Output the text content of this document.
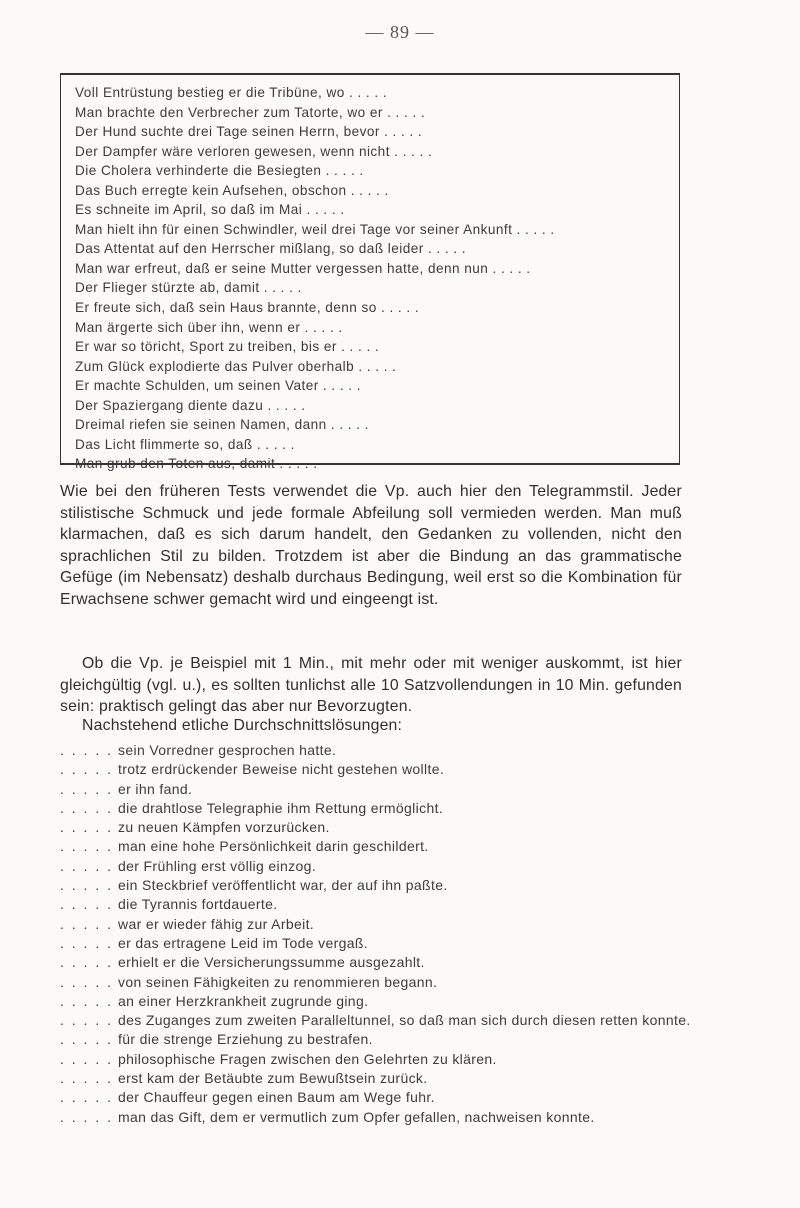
— 89 —
Voll Entrüstung bestieg er die Tribüne, wo . . . . .
Man brachte den Verbrecher zum Tatorte, wo er . . . . .
Der Hund suchte drei Tage seinen Herrn, bevor . . . . .
Der Dampfer wäre verloren gewesen, wenn nicht . . . . .
Die Cholera verhinderte die Besiegten . . . . .
Das Buch erregte kein Aufsehen, obschon . . . . .
Es schneite im April, so daß im Mai . . . . .
Man hielt ihn für einen Schwindler, weil drei Tage vor seiner Ankunft . . . . .
Das Attentat auf den Herrscher mißlang, so daß leider . . . . .
Man war erfreut, daß er seine Mutter vergessen hatte, denn nun . . . . .
Der Flieger stürzte ab, damit . . . . .
Er freute sich, daß sein Haus brannte, denn so . . . . .
Man ärgerte sich über ihn, wenn er . . . . .
Er war so töricht, Sport zu treiben, bis er . . . . .
Zum Glück explodierte das Pulver oberhalb . . . . .
Er machte Schulden, um seinen Vater . . . . .
Der Spaziergang diente dazu . . . . .
Dreimal riefen sie seinen Namen, dann . . . . .
Das Licht flimmerte so, daß . . . . .
Man grub den Toten aus, damit . . . . .
Wie bei den früheren Tests verwendet die Vp. auch hier den Telegrammstil. Jeder stilistische Schmuck und jede formale Abfeilung soll vermieden werden. Man muß klarmachen, daß es sich darum handelt, den Gedanken zu vollenden, nicht den sprachlichen Stil zu bilden. Trotzdem ist aber die Bindung an das grammatische Gefüge (im Nebensatz) deshalb durchaus Bedingung, weil erst so die Kombination für Erwachsene schwer gemacht wird und eingeengt ist.
Ob die Vp. je Beispiel mit 1 Min., mit mehr oder mit weniger auskommt, ist hier gleichgültig (vgl. u.), es sollten tunlichst alle 10 Satzvollendungen in 10 Min. gefunden sein: praktisch gelingt das aber nur Bevorzugten.
Nachstehend etliche Durchschnittslösungen:
. . . . . sein Vorredner gesprochen hatte.
. . . . . trotz erdrückender Beweise nicht gestehen wollte.
. . . . . er ihn fand.
. . . . . die drahtlose Telegraphie ihm Rettung ermöglicht.
. . . . . zu neuen Kämpfen vorzurücken.
. . . . . man eine hohe Persönlichkeit darin geschildert.
. . . . . der Frühling erst völlig einzog.
. . . . . ein Steckbrief veröffentlicht war, der auf ihn paßte.
. . . . . die Tyrannis fortdauerte.
. . . . . war er wieder fähig zur Arbeit.
. . . . . er das ertragene Leid im Tode vergaß.
. . . . . erhielt er die Versicherungssumme ausgezahlt.
. . . . . von seinen Fähigkeiten zu renommieren begann.
. . . . . an einer Herzkrankheit zugrunde ging.
. . . . . des Zuganges zum zweiten Paralleltunnel, so daß man sich durch diesen retten konnte.
. . . . . für die strenge Erziehung zu bestrafen.
. . . . . philosophische Fragen zwischen den Gelehrten zu klären.
. . . . . erst kam der Betäubte zum Bewußtsein zurück.
. . . . . der Chauffeur gegen einen Baum am Wege fuhr.
. . . . . man das Gift, dem er vermutlich zum Opfer gefallen, nachweisen konnte.
